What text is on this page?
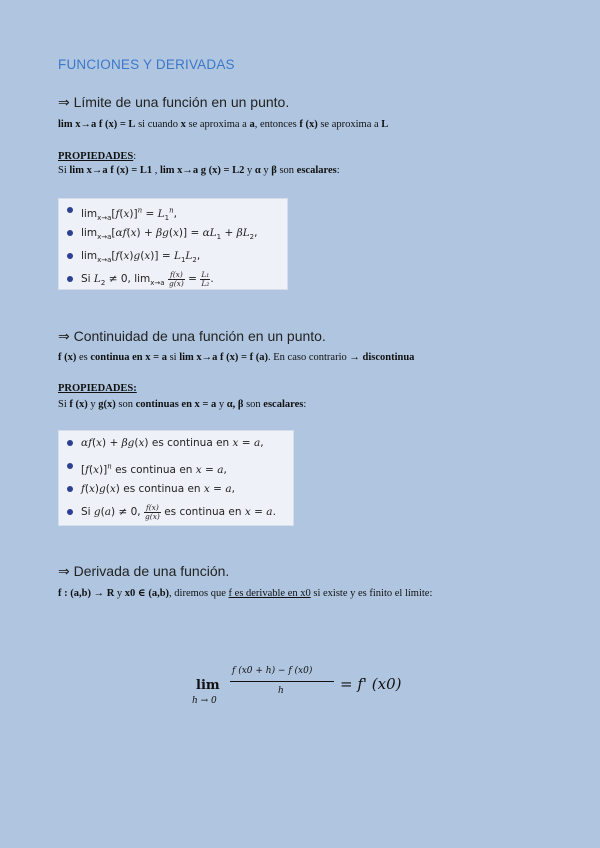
FUNCIONES Y DERIVADAS
⇒ Límite de una función en un punto.
lim x→a f (x) = L si cuando x se aproxima a a, entonces f (x) se aproxima a L
PROPIEDADES:
Si lim x→a f (x) = L1 , lim x→a g (x) = L2 y α y β son escalares:
$\lim_{x\to a}[f(x)]^n = L_1^n$,
$\lim_{x\to a}[\alpha f(x) + \beta g(x)] = \alpha L_1 + \beta L_2$,
$\lim_{x\to a}[f(x)g(x)] = L_1L_2$,
Si $L_2 \ne 0$, $\lim_{x\to a} \frac{f(x)}{g(x)} = \frac{\text{L₁}}{\text{L₂}}$ .
⇒ Continuidad de una función en un punto.
f (x) es continua en x = a si lim x→a f (x) = f (a). En caso contrario → discontinua
PROPIEDADES:
Si f (x) y g(x) son continuas en x = a y α, β son escalares:
αf(x) + βg(x) es continua en x = a,
$[f(x)]^n$ es continua en x = a,
f(x)g(x) es continua en x = a,
Si g(a) ≠ 0, $\frac{f(x)}{g(x)}$ es continua en x = a.
⇒ Derivada de una función.
f : (a,b) → R y x0 ∈ (a,b), diremos que f es derivable en x0 si existe y es finito el límite:
lim
h → 0
f (x0 + h) − f (x0)
h	= f' (x0)
